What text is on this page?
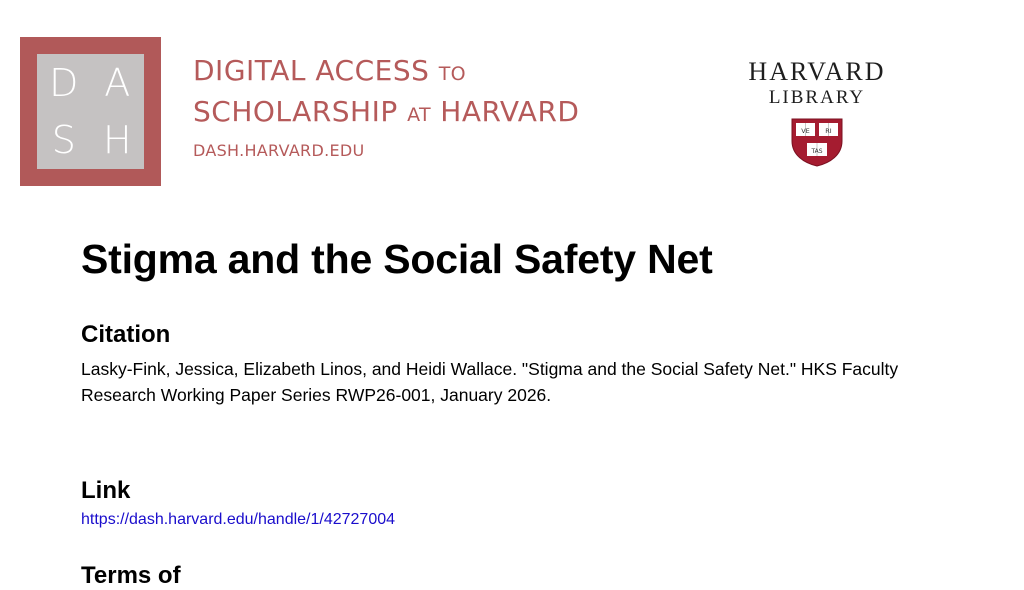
D A
S H
DIGITAL ACCESS TO
SCHOLARSHIP AT HARVARD
DASH.HARVARD.EDU
HARVARD
LIBRARY
VE RI
TAS
Stigma and the Social Safety Net
Citation

Lasky-Fink, Jessica, Elizabeth Linos, and Heidi Wallace. "Stigma and the Social Safety Net." HKS Faculty Research Working Paper Series RWP26-001, January 2026.

Link
https://dash.harvard.edu/handle/1/42727004
Terms of
